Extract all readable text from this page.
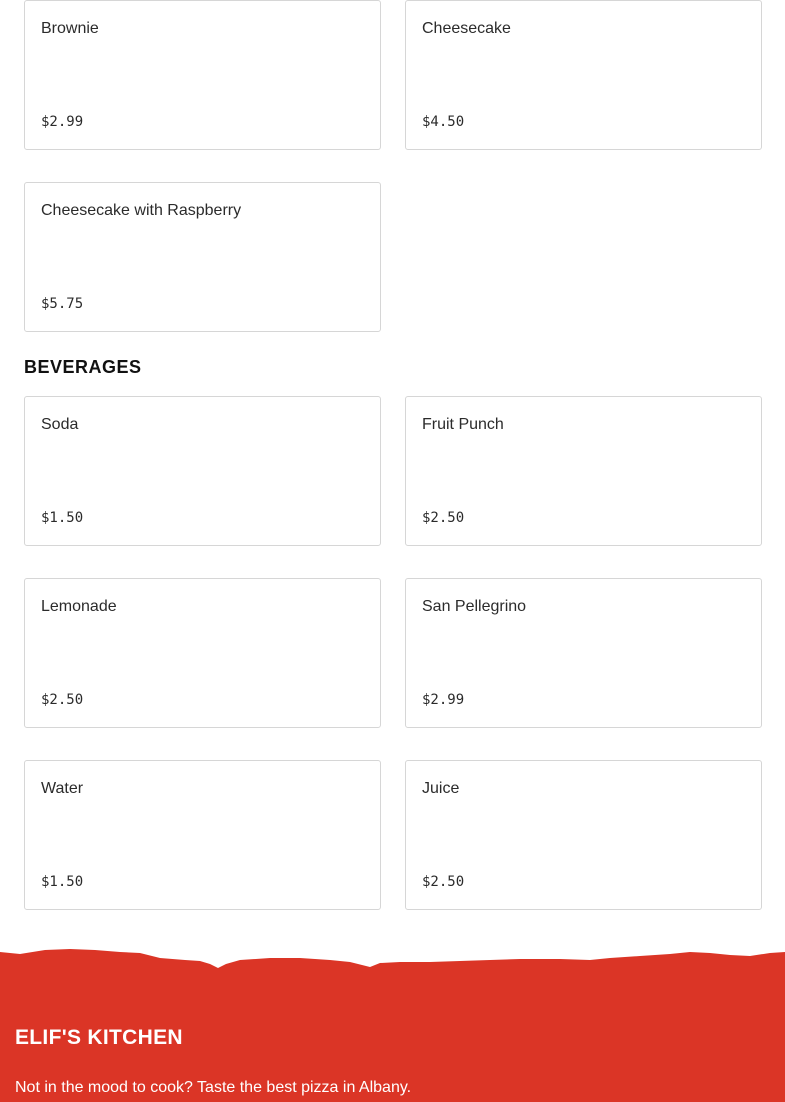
Brownie
$2.99
Cheesecake
$4.50
Cheesecake with Raspberry
$5.75
BEVERAGES
Soda
$1.50
Fruit Punch
$2.50
Lemonade
$2.50
San Pellegrino
$2.99
Water
$1.50
Juice
$2.50
ELIF'S KITCHEN
Not in the mood to cook? Taste the best pizza in Albany.
